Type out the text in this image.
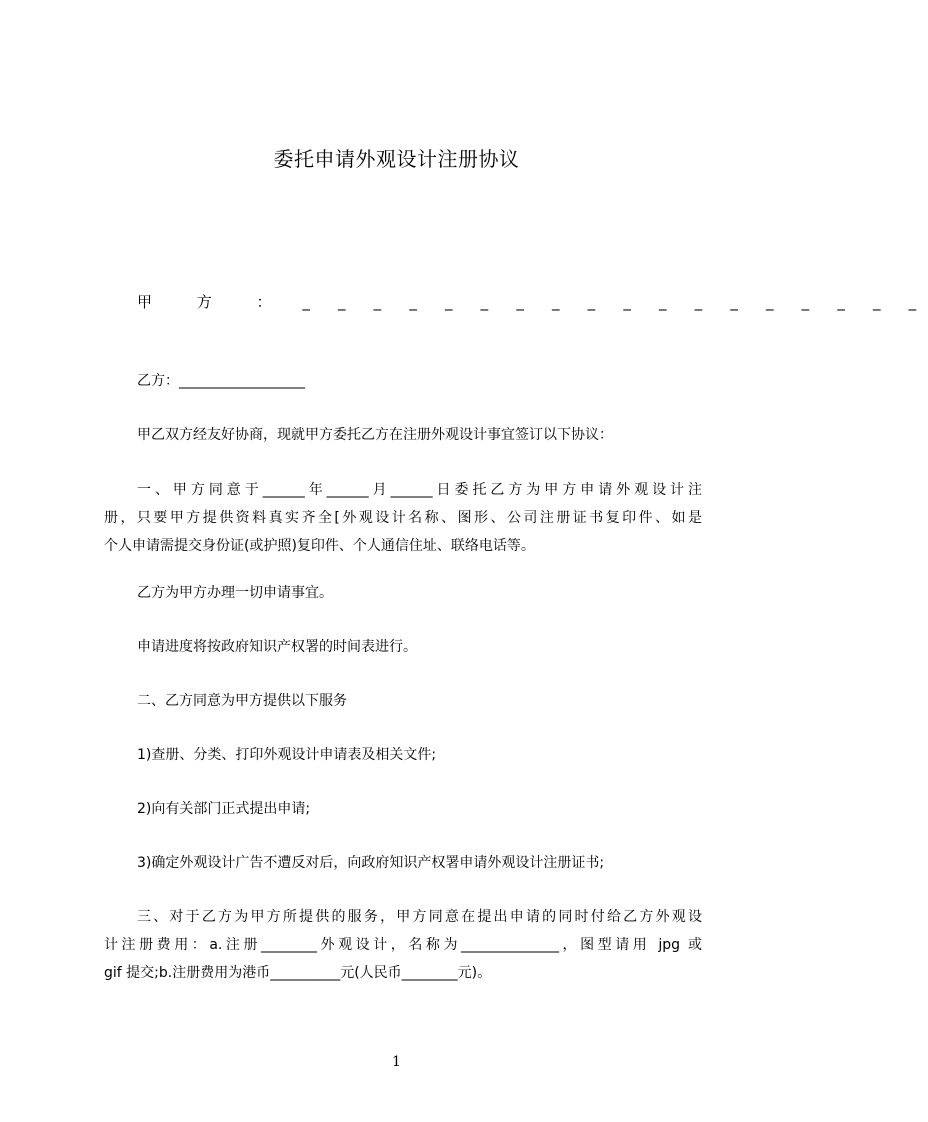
委托申请外观设计注册协议
甲 方 ： _ _ _ _ _ _ _ _ _ _ _ _ _ _ _ _ _ _
乙方：__________________
甲乙双方经友好协商，现就甲方委托乙方在注册外观设计事宜签订以下协议：
一、甲方同意于______年______月______日委托乙方为甲方申请外观设计注
册，只要甲方提供资料真实齐全[外观设计名称、图形、公司注册证书复印件、如是
个人申请需提交身份证(或护照)复印件、个人通信住址、联络电话等。
乙方为甲方办理一切申请事宜。
申请进度将按政府知识产权署的时间表进行。
二、乙方同意为甲方提供以下服务
1)查册、分类、打印外观设计申请表及相关文件;
2)向有关部门正式提出申请;
3)确定外观设计广告不遭反对后，向政府知识产权署申请外观设计注册证书;
三、对于乙方为甲方所提供的服务，甲方同意在提出申请的同时付给乙方外观设
计注册费用：a.注册________外观设计，名称为______________，图型请用 jpg 或
gif 提交;b.注册费用为港币__________元(人民币________元)。
1
